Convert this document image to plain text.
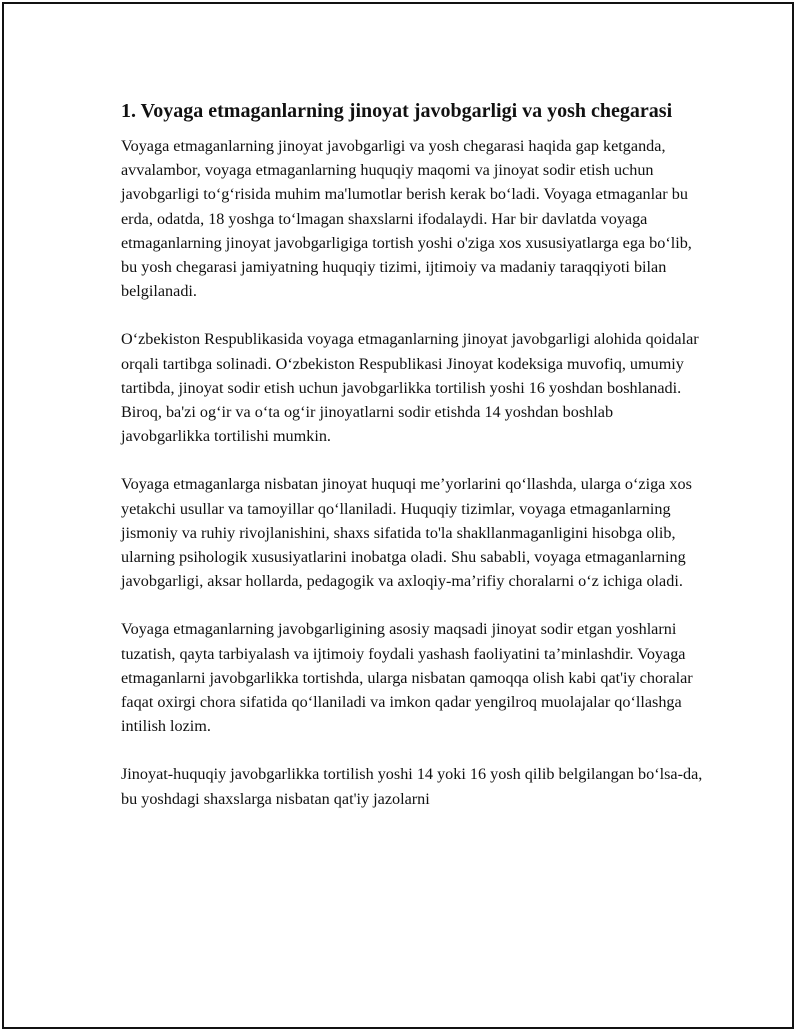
1. Voyaga etmaganlarning jinoyat javobgarligi va yosh chegarasi

Voyaga etmaganlarning jinoyat javobgarligi va yosh chegarasi haqida gap ketganda, avvalambor, voyaga etmaganlarning huquqiy maqomi va jinoyat sodir etish uchun javobgarligi to‘g‘risida muhim ma'lumotlar berish kerak bo‘ladi. Voyaga etmaganlar bu erda, odatda, 18 yoshga to‘lmagan shaxslarni ifodalaydi. Har bir davlatda voyaga etmaganlarning jinoyat javobgarligiga tortish yoshi o'ziga xos xususiyatlarga ega bo‘lib, bu yosh chegarasi jamiyatning huquqiy tizimi, ijtimoiy va madaniy taraqqiyoti bilan belgilanadi.

O‘zbekiston Respublikasida voyaga etmaganlarning jinoyat javobgarligi alohida qoidalar orqali tartibga solinadi. O‘zbekiston Respublikasi Jinoyat kodeksiga muvofiq, umumiy tartibda, jinoyat sodir etish uchun javobgarlikka tortilish yoshi 16 yoshdan boshlanadi. Biroq, ba'zi og‘ir va o‘ta og‘ir jinoyatlarni sodir etishda 14 yoshdan boshlab javobgarlikka tortilishi mumkin.

Voyaga etmaganlarga nisbatan jinoyat huquqi me’yorlarini qo‘llashda, ularga o‘ziga xos yetakchi usullar va tamoyillar qo‘llaniladi. Huquqiy tizimlar, voyaga etmaganlarning jismoniy va ruhiy rivojlanishini, shaxs sifatida to'la shakllanmaganligini hisobga olib, ularning psihologik xususiyatlarini inobatga oladi. Shu sababli, voyaga etmaganlarning javobgarligi, aksar hollarda, pedagogik va axloqiy-ma’rifiy choralarni o‘z ichiga oladi.

Voyaga etmaganlarning javobgarligining asosiy maqsadi jinoyat sodir etgan yoshlarni tuzatish, qayta tarbiyalash va ijtimoiy foydali yashash faoliyatini ta’minlashdir. Voyaga etmaganlarni javobgarlikka tortishda, ularga nisbatan qamoqqa olish kabi qat'iy choralar faqat oxirgi chora sifatida qo‘llaniladi va imkon qadar yengilroq muolajalar qo‘llashga intilish lozim.

Jinoyat-huquqiy javobgarlikka tortilish yoshi 14 yoki 16 yosh qilib belgilangan bo‘lsa-da, bu yoshdagi shaxslarga nisbatan qat'iy jazolarni
